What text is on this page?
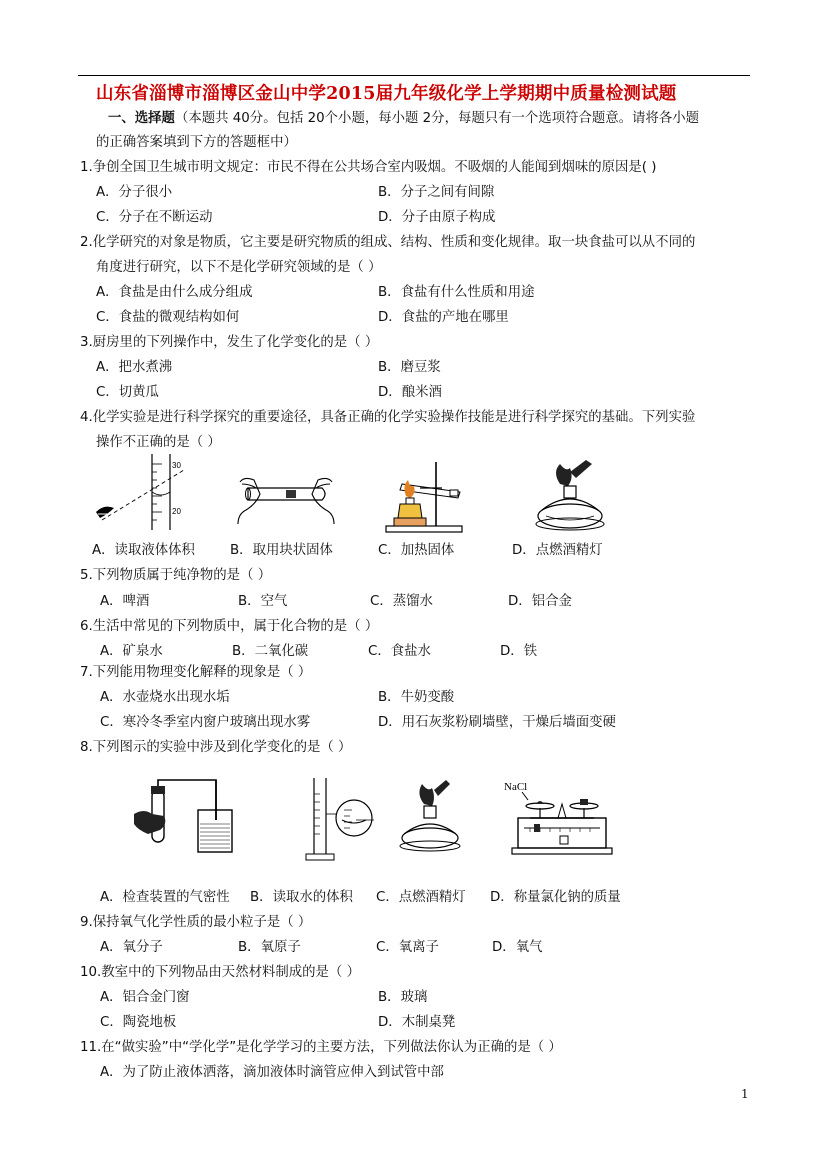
山东省淄博市淄博区金山中学2015届九年级化学上学期期中质量检测试题
一、选择题（本题共 40分。包括 20个小题，每小题 2分，每题只有一个选项符合题意。请将各小题
的正确答案填到下方的答题框中）
1.争创全国卫生城市明文规定：市民不得在公共场合室内吸烟。不吸烟的人能闻到烟味的原因是( )
A．分子很小	B．分子之间有间隙
C．分子在不断运动	D．分子由原子构成
2.化学研究的对象是物质，它主要是研究物质的组成、结构、性质和变化规律。取一块食盐可以从不同的
角度进行研究，以下不是化学研究领域的是（ ）
A．食盐是由什么成分组成	B．食盐有什么性质和用途
C．食盐的微观结构如何	D．食盐的产地在哪里
3.厨房里的下列操作中，发生了化学变化的是（ ）
A．把水煮沸	B．磨豆浆
C．切黄瓜	D．酿米酒
4.化学实验是进行科学探究的重要途径，具备正确的化学实验操作技能是进行科学探究的基础。下列实验
操作不正确的是（ ）
30
20
A．读取液体体积	B．取用块状固体	C．加热固体	D．点燃酒精灯
5.下列物质属于纯净物的是（ ）
A．啤酒	B．空气	C．蒸馏水	D．铝合金
6.生活中常见的下列物质中，属于化合物的是（ ）
A．矿泉水	B．二氧化碳	C．食盐水	D．铁
7.下列能用物理变化解释的现象是（ ）
A．水壶烧水出现水垢	B．牛奶变酸
C．寒冷冬季室内窗户玻璃出现水雾	D．用石灰浆粉刷墙壁，干燥后墙面变硬
8.下列图示的实验中涉及到化学变化的是（ ）
NaCl
A．检查装置的气密性 B．读取水的体积 C．点燃酒精灯 D．称量氯化钠的质量
9.保持氧气化学性质的最小粒子是（ ）
A．氧分子	B．氧原子	C．氧离子	D．氧气
10.教室中的下列物品由天然材料制成的是（ ）
A．铝合金门窗	B．玻璃
C．陶瓷地板	D．木制桌凳
11.在“做实验”中“学化学”是化学学习的主要方法，下列做法你认为正确的是（ ）
A．为了防止液体洒落，滴加液体时滴管应伸入到试管中部
1
